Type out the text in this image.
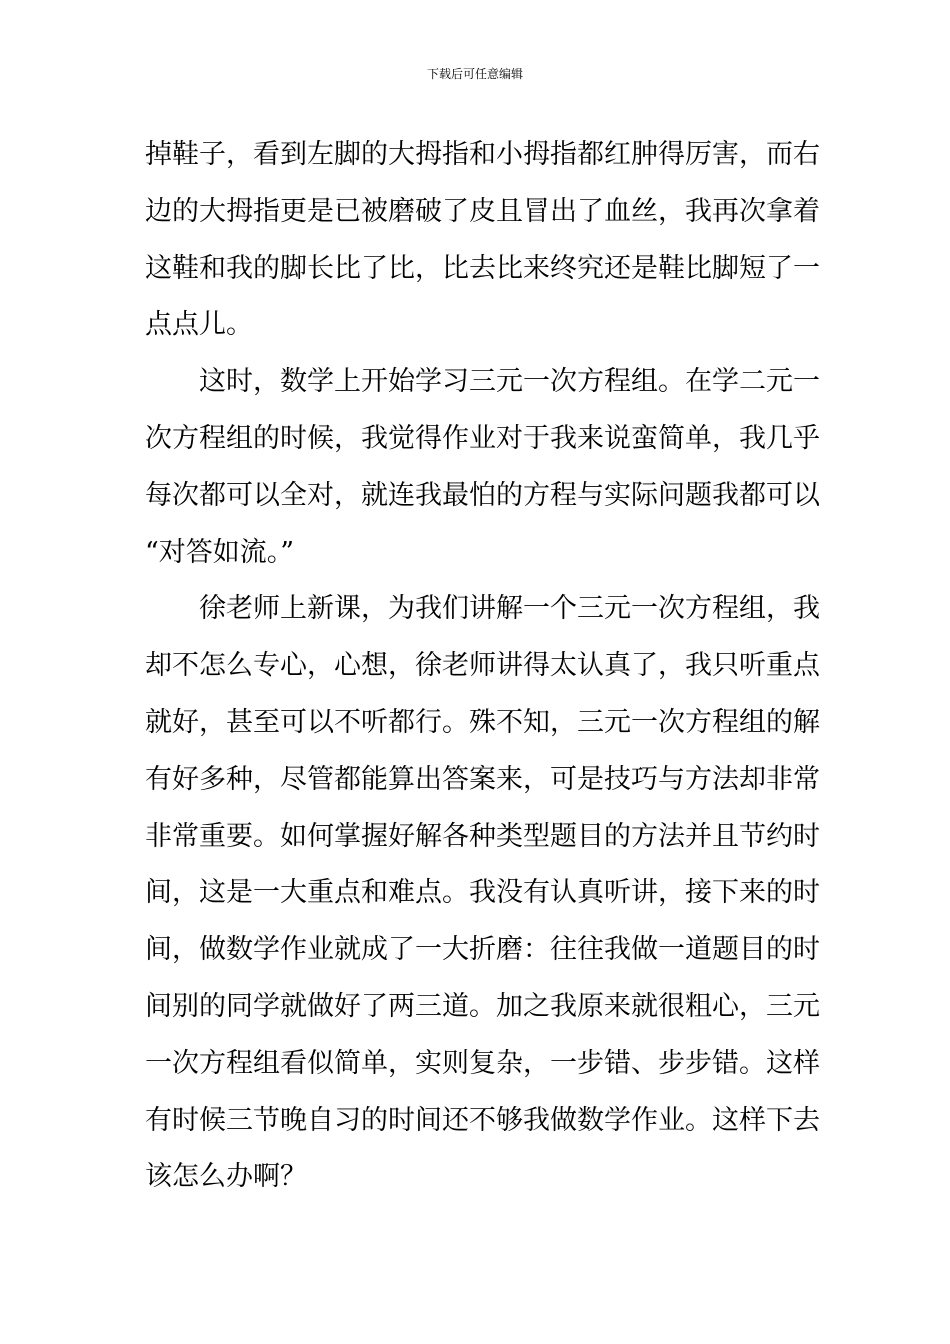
下载后可任意编辑
掉鞋子，看到左脚的大拇指和小拇指都红肿得厉害，而右
边的大拇指更是已被磨破了皮且冒出了血丝，我再次拿着
这鞋和我的脚长比了比，比去比来终究还是鞋比脚短了一
点点儿。
　　这时，数学上开始学习三元一次方程组。在学二元一
次方程组的时候，我觉得作业对于我来说蛮简单，我几乎
每次都可以全对，就连我最怕的方程与实际问题我都可以
“对答如流。”
　　徐老师上新课，为我们讲解一个三元一次方程组，我
却不怎么专心，心想，徐老师讲得太认真了，我只听重点
就好，甚至可以不听都行。殊不知，三元一次方程组的解
有好多种，尽管都能算出答案来，可是技巧与方法却非常
非常重要。如何掌握好解各种类型题目的方法并且节约时
间，这是一大重点和难点。我没有认真听讲，接下来的时
间，做数学作业就成了一大折磨：往往我做一道题目的时
间别的同学就做好了两三道。加之我原来就很粗心，三元
一次方程组看似简单，实则复杂，一步错、步步错。这样
有时候三节晚自习的时间还不够我做数学作业。这样下去
该怎么办啊？
